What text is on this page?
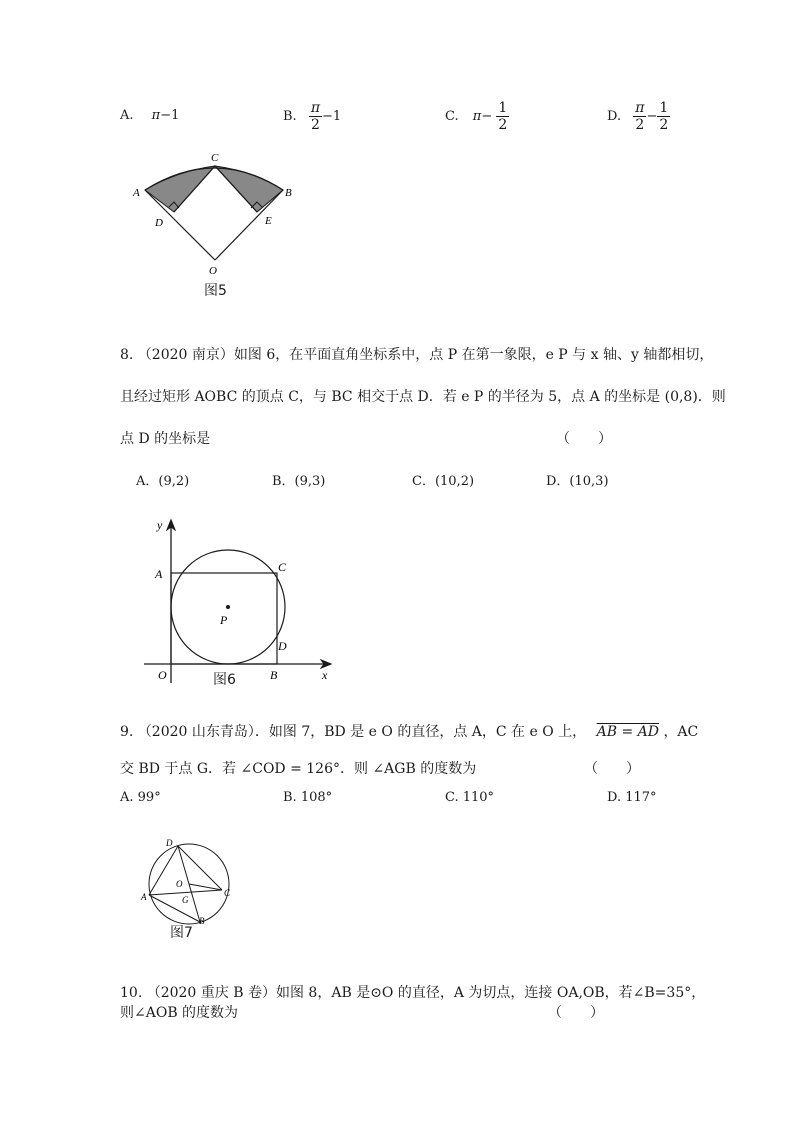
A. π−1	B. $\frac{\pi}{2} -1$	C. $\pi- \frac{1}{2}$	D. $\frac{\pi}{2} - \frac{1}{2}$
A	B
C
D	E
O
图5
8. （2020 南京）如图 6，在平面直角坐标系中，点 P 在第一象限，e P 与 x 轴、y 轴都相切，
且经过矩形 AOBC 的顶点 C，与 BC 相交于点 D．若 e P 的半径为 5，点 A 的坐标是 (0,8)．则
点 D 的坐标是	（　　）
A．(9,2)	B．(9,3)	C．(10,2)	D．(10,3)
y
x
A	C
P
D
O	B
图6
9. （2020 山东青岛）．如图 7，BD 是 e O 的直径，点 A，C 在 e O 上， AB = AD ，AC
交 BD 于点 G．若 ∠COD = 126°．则 ∠AGB 的度数为	（　　）
A. 99°	B. 108°	C. 110°	D. 117°
D
O
C
A	G
B
图7
10. （2020 重庆 B 卷）如图 8，AB 是⊙O 的直径，A 为切点，连接 OA,OB，若∠B=35°，
则∠AOB 的度数为	（　　）
